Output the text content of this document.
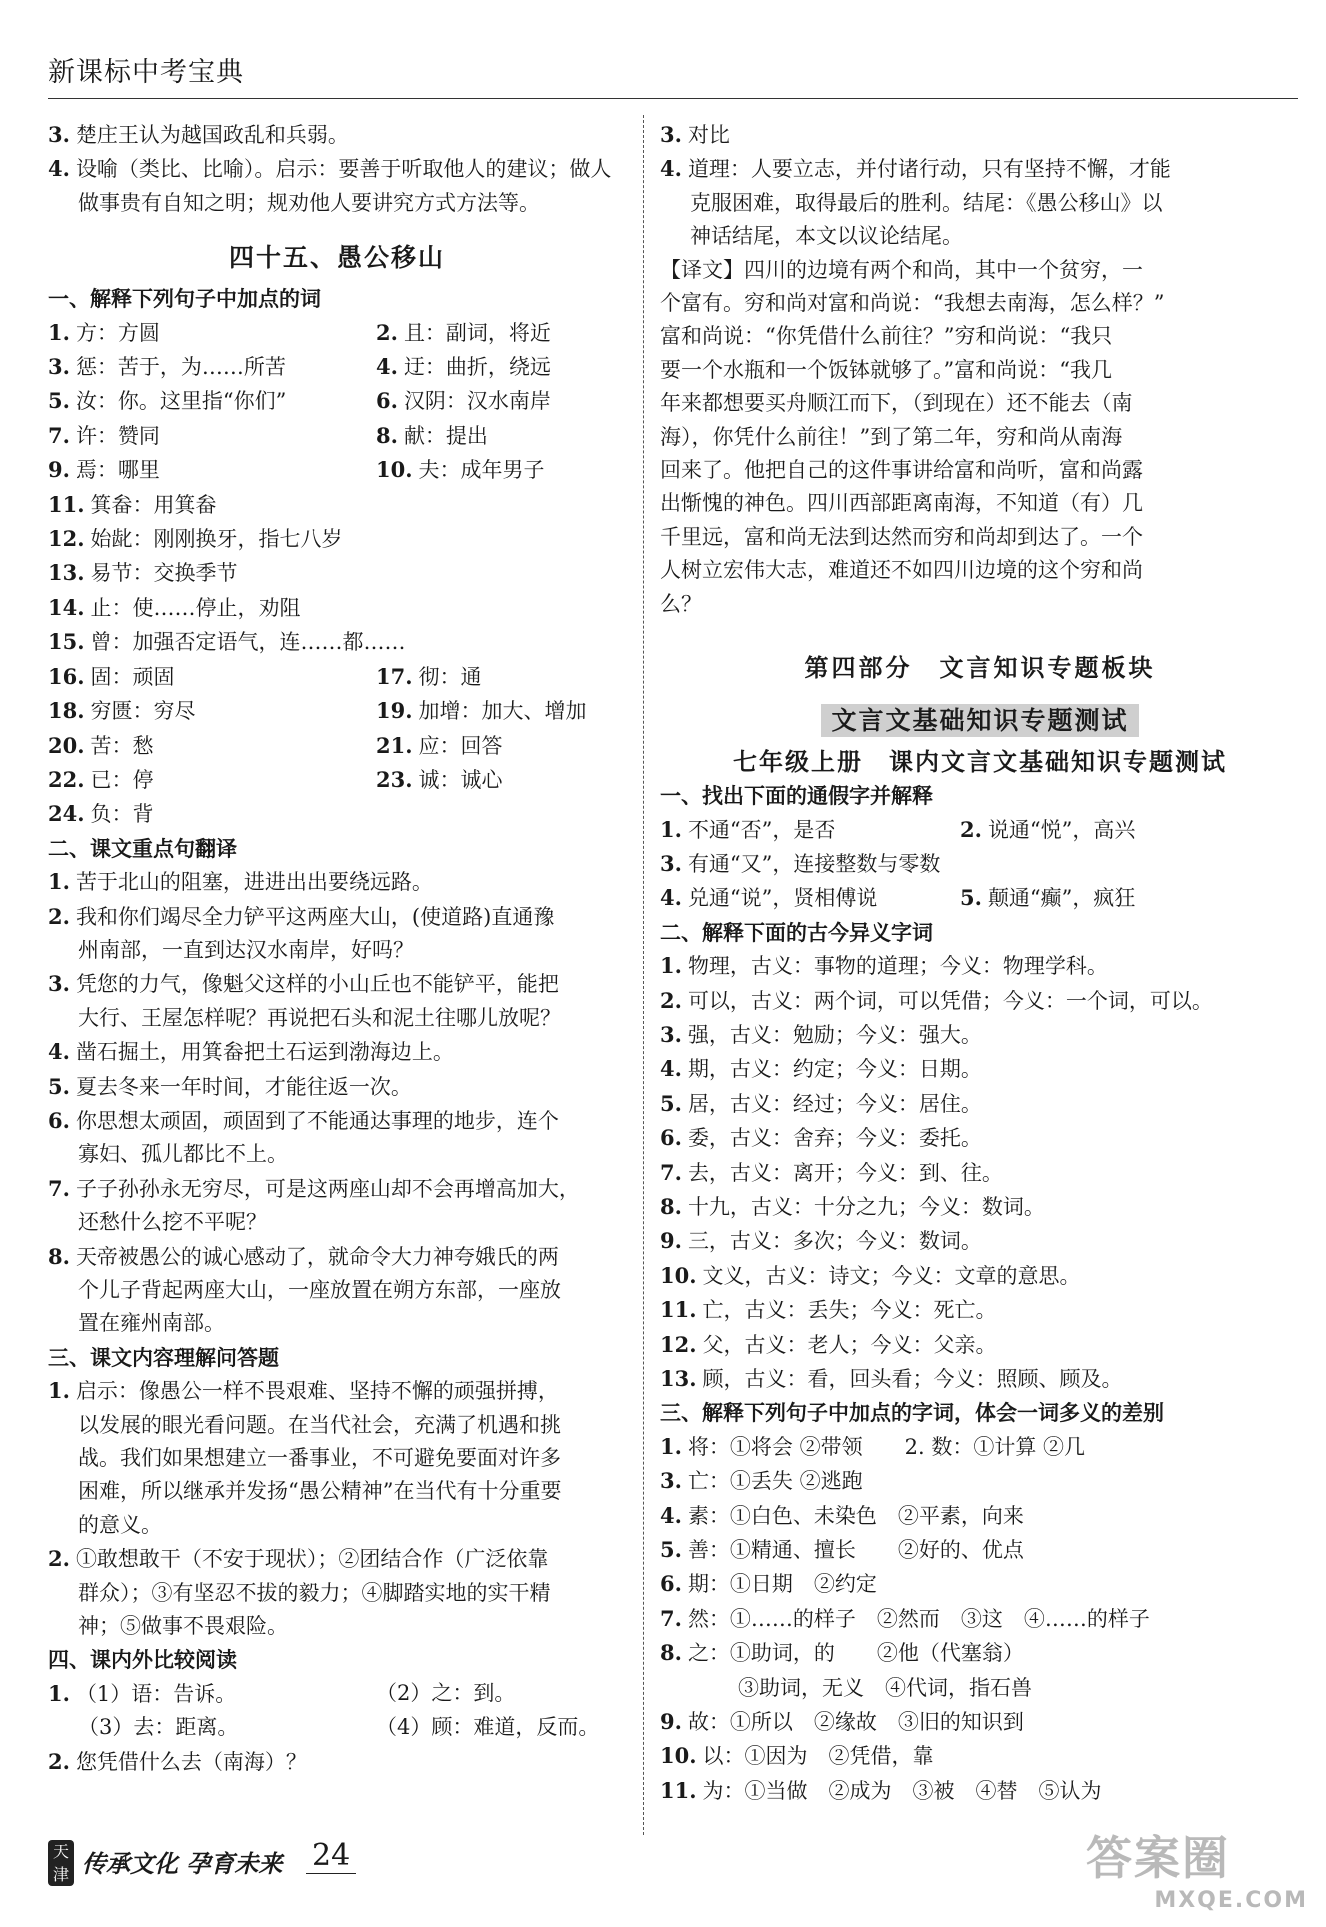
新课标中考宝典
3. 楚庄王认为越国政乱和兵弱。
4. 设喻（类比、比喻）。启示：要善于听取他人的建议；做人做事贵有自知之明；规劝他人要讲究方式方法等。
四十五、愚公移山
一、解释下列句子中加点的词
1. 方：方圆	2. 且：副词，将近
3. 惩：苦于，为……所苦	4. 迂：曲折，绕远
5. 汝：你。这里指“你们”	6. 汉阴：汉水南岸
7. 许：赞同	8. 献：提出
9. 焉：哪里	10. 夫：成年男子
11. 箕畚：用箕畚
12. 始龀：刚刚换牙，指七八岁
13. 易节：交换季节
14. 止：使……停止，劝阻
15. 曾：加强否定语气，连……都……
16. 固：顽固	17. 彻：通
18. 穷匮：穷尽	19. 加增：加大、增加
20. 苦：愁	21. 应：回答
22. 已：停	23. 诚：诚心
24. 负：背
二、课文重点句翻译
1. 苦于北山的阻塞，进进出出要绕远路。
2. 我和你们竭尽全力铲平这两座大山，(使道路)直通豫
州南部，一直到达汉水南岸，好吗？
3. 凭您的力气，像魁父这样的小山丘也不能铲平，能把
大行、王屋怎样呢？再说把石头和泥土往哪儿放呢？
4. 凿石掘土，用箕畚把土石运到渤海边上。
5. 夏去冬来一年时间，才能往返一次。
6. 你思想太顽固，顽固到了不能通达事理的地步，连个
寡妇、孤儿都比不上。
7. 子子孙孙永无穷尽，可是这两座山却不会再增高加大，
还愁什么挖不平呢？
8. 天帝被愚公的诚心感动了，就命令大力神夸娥氏的两
个儿子背起两座大山，一座放置在朔方东部，一座放
置在雍州南部。
三、课文内容理解问答题
1. 启示：像愚公一样不畏艰难、坚持不懈的顽强拼搏，
以发展的眼光看问题。在当代社会，充满了机遇和挑
战。我们如果想建立一番事业，不可避免要面对许多
困难，所以继承并发扬“愚公精神”在当代有十分重要
的意义。
2. ①敢想敢干（不安于现状）；②团结合作（广泛依靠
群众）；③有坚忍不拔的毅力；④脚踏实地的实干精
神；⑤做事不畏艰险。
四、课内外比较阅读
1. （1）语：告诉。	（2）之：到。
（3）去：距离。	（4）顾：难道，反而。
2. 您凭借什么去（南海）？
3. 对比
4. 道理：人要立志，并付诸行动，只有坚持不懈，才能
克服困难，取得最后的胜利。结尾：《愚公移山》以
神话结尾，本文以议论结尾。
【译文】四川的边境有两个和尚，其中一个贫穷，一
个富有。穷和尚对富和尚说：“我想去南海，怎么样？”
富和尚说：“你凭借什么前往？”穷和尚说：“我只
要一个水瓶和一个饭钵就够了。”富和尚说：“我几
年来都想要买舟顺江而下，（到现在）还不能去（南
海），你凭什么前往！”到了第二年，穷和尚从南海
回来了。他把自己的这件事讲给富和尚听，富和尚露
出惭愧的神色。四川西部距离南海，不知道（有）几
千里远，富和尚无法到达然而穷和尚却到达了。一个
人树立宏伟大志，难道还不如四川边境的这个穷和尚
么？
第四部分　文言知识专题板块
文言文基础知识专题测试
七年级上册　课内文言文基础知识专题测试
一、找出下面的通假字并解释
1. 不通“否”，是否	2. 说通“悦”，高兴
3. 有通“又”，连接整数与零数
4. 兑通“说”，贤相傅说	5. 颠通“癫”，疯狂
二、解释下面的古今异义字词
1. 物理，古义：事物的道理；今义：物理学科。
2. 可以，古义：两个词，可以凭借；今义：一个词，可以。
3. 强，古义：勉励；今义：强大。
4. 期，古义：约定；今义：日期。
5. 居，古义：经过；今义：居住。
6. 委，古义：舍弃；今义：委托。
7. 去，古义：离开；今义：到、往。
8. 十九，古义：十分之九；今义：数词。
9. 三，古义：多次；今义：数词。
10. 文义，古义：诗文；今义：文章的意思。
11. 亡，古义：丢失；今义：死亡。
12. 父，古义：老人；今义：父亲。
13. 顾，古义：看，回头看；今义：照顾、顾及。
三、解释下列句子中加点的字词，体会一词多义的差别
1. 将：①将会 ②带领　　2. 数：①计算 ②几
3. 亡：①丢失 ②逃跑
4. 素：①白色、未染色　②平素，向来
5. 善：①精通、擅长　　②好的、优点
6. 期：①日期　②约定
7. 然：①……的样子　②然而　③这　④……的样子
8. 之：①助词，的　　②他（代塞翁）
③助词，无义　④代词，指石兽
9. 故：①所以　②缘故　③旧的知识到
10. 以：①因为　②凭借，靠
11. 为：①当做　②成为　③被　④替　⑤认为
天津 传承文化 孕育未来 24	答案圈
MXQE.COM
